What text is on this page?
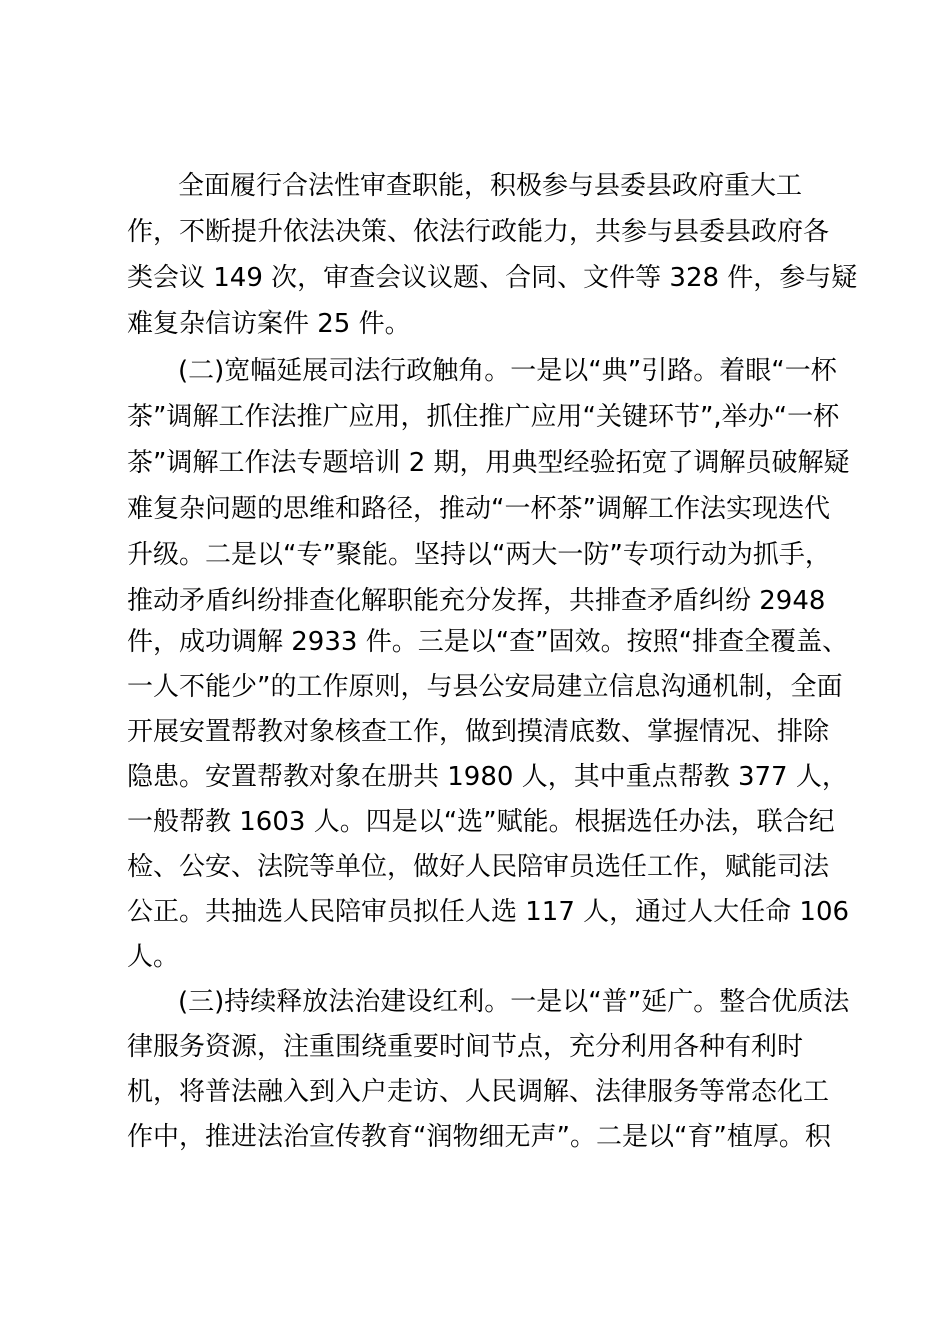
全面履行合法性审查职能，积极参与县委县政府重大工
作，不断提升依法决策、依法行政能力，共参与县委县政府各
类会议 149 次，审查会议议题、合同、文件等 328 件，参与疑
难复杂信访案件 25 件。
(二)宽幅延展司法行政触角。一是以“典”引路。着眼“一杯
茶”调解工作法推广应用，抓住推广应用“关键环节”,举办“一杯
茶”调解工作法专题培训 2 期，用典型经验拓宽了调解员破解疑
难复杂问题的思维和路径，推动“一杯茶”调解工作法实现迭代
升级。二是以“专”聚能。坚持以“两大一防”专项行动为抓手，
推动矛盾纠纷排查化解职能充分发挥，共排查矛盾纠纷 2948
件，成功调解 2933 件。三是以“查”固效。按照“排查全覆盖、
一人不能少”的工作原则，与县公安局建立信息沟通机制，全面
开展安置帮教对象核查工作，做到摸清底数、掌握情况、排除
隐患。安置帮教对象在册共 1980 人，其中重点帮教 377 人，
一般帮教 1603 人。四是以“选”赋能。根据选任办法，联合纪
检、公安、法院等单位，做好人民陪审员选任工作，赋能司法
公正。共抽选人民陪审员拟任人选 117 人，通过人大任命 106
人。
(三)持续释放法治建设红利。一是以“普”延广。整合优质法
律服务资源，注重围绕重要时间节点，充分利用各种有利时
机，将普法融入到入户走访、人民调解、法律服务等常态化工
作中，推进法治宣传教育“润物细无声”。二是以“育”植厚。积
